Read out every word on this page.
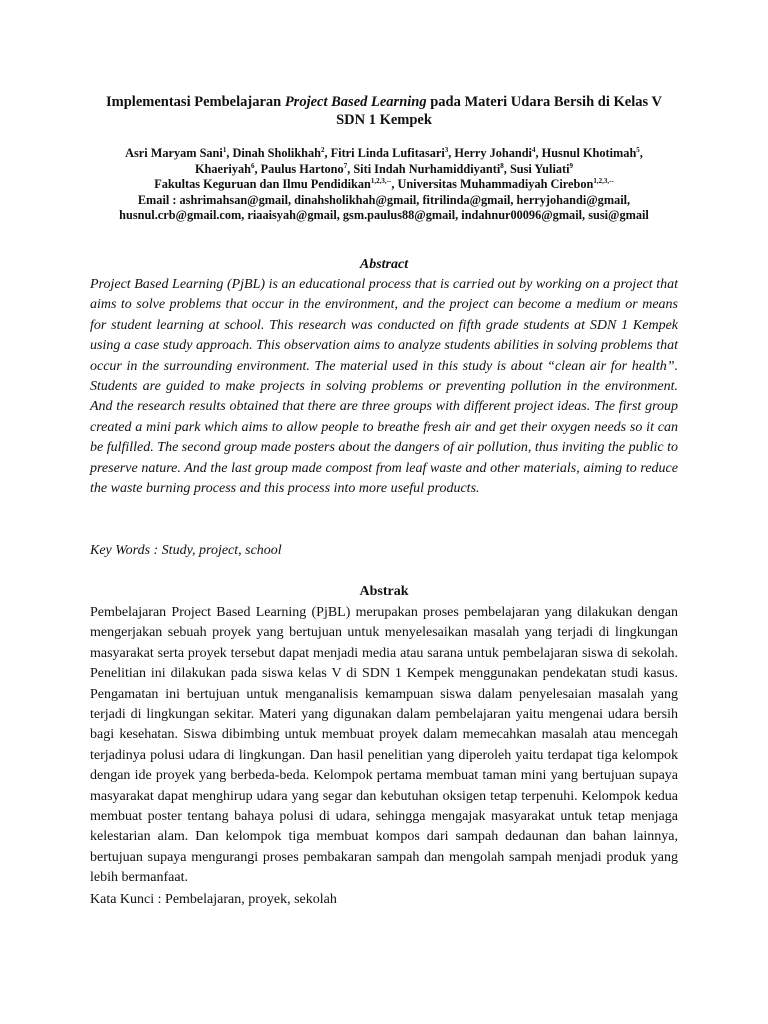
Implementasi Pembelajaran Project Based Learning pada Materi Udara Bersih di Kelas V
SDN 1 Kempek
Asri Maryam Sani$^1$, Dinah Sholikhah$^2$, Fitri Linda Lufitasari$^3$, Herry Johandi$^4$, Husnul Khotimah$^5$,
Khaeriyah$^6$, Paulus Hartono$^7$, Siti Indah Nurhamiddiyanti$^8$, Susi Yuliati$^9$
Fakultas Keguruan dan Ilmu Pendidikan$^{1,2,3,--}$, Universitas Muhammadiyah Cirebon$^{1,2,3,--}$
Email : ashrimahsan@gmail, dinahsholikhah@gmail, fitrilinda@gmail, herryjohandi@gmail,
husnul.crb@gmail.com, riaaisyah@gmail, gsm.paulus88@gmail, indahnur00096@gmail, susi@gmail
Abstract
Project Based Learning (PjBL) is an educational process that is carried out by working on a project that aims to solve problems that occur in the environment, and the project can become a medium or means for student learning at school. This research was conducted on fifth grade students at SDN 1 Kempek using a case study approach. This observation aims to analyze students abilities in solving problems that occur in the surrounding environment. The material used in this study is about “clean air for health”. Students are guided to make projects in solving problems or preventing pollution in the environment. And the research results obtained that there are three groups with different project ideas. The first group created a mini park which aims to allow people to breathe fresh air and get their oxygen needs so it can be fulfilled. The second group made posters about the dangers of air pollution, thus inviting the public to preserve nature. And the last group made compost from leaf waste and other materials, aiming to reduce the waste burning process and this process into more useful products.
Key Words : Study, project, school
Abstrak
Pembelajaran Project Based Learning (PjBL) merupakan proses pembelajaran yang dilakukan dengan mengerjakan sebuah proyek yang bertujuan untuk menyelesaikan masalah yang terjadi di lingkungan masyarakat serta proyek tersebut dapat menjadi media atau sarana untuk pembelajaran siswa di sekolah. Penelitian ini dilakukan pada siswa kelas V di SDN 1 Kempek menggunakan pendekatan studi kasus. Pengamatan ini bertujuan untuk menganalisis kemampuan siswa dalam penyelesaian masalah yang terjadi di lingkungan sekitar. Materi yang digunakan dalam pembelajaran yaitu mengenai udara bersih bagi kesehatan. Siswa dibimbing untuk membuat proyek dalam memecahkan masalah atau mencegah terjadinya polusi udara di lingkungan. Dan hasil penelitian yang diperoleh yaitu terdapat tiga kelompok dengan ide proyek yang berbeda-beda. Kelompok pertama membuat taman mini yang bertujuan supaya masyarakat dapat menghirup udara yang segar dan kebutuhan oksigen tetap terpenuhi. Kelompok kedua membuat poster tentang bahaya polusi di udara, sehingga mengajak masyarakat untuk tetap menjaga kelestarian alam. Dan kelompok tiga membuat kompos dari sampah dedaunan dan bahan lainnya, bertujuan supaya mengurangi proses pembakaran sampah dan mengolah sampah menjadi produk yang lebih bermanfaat.
Kata Kunci : Pembelajaran, proyek, sekolah
